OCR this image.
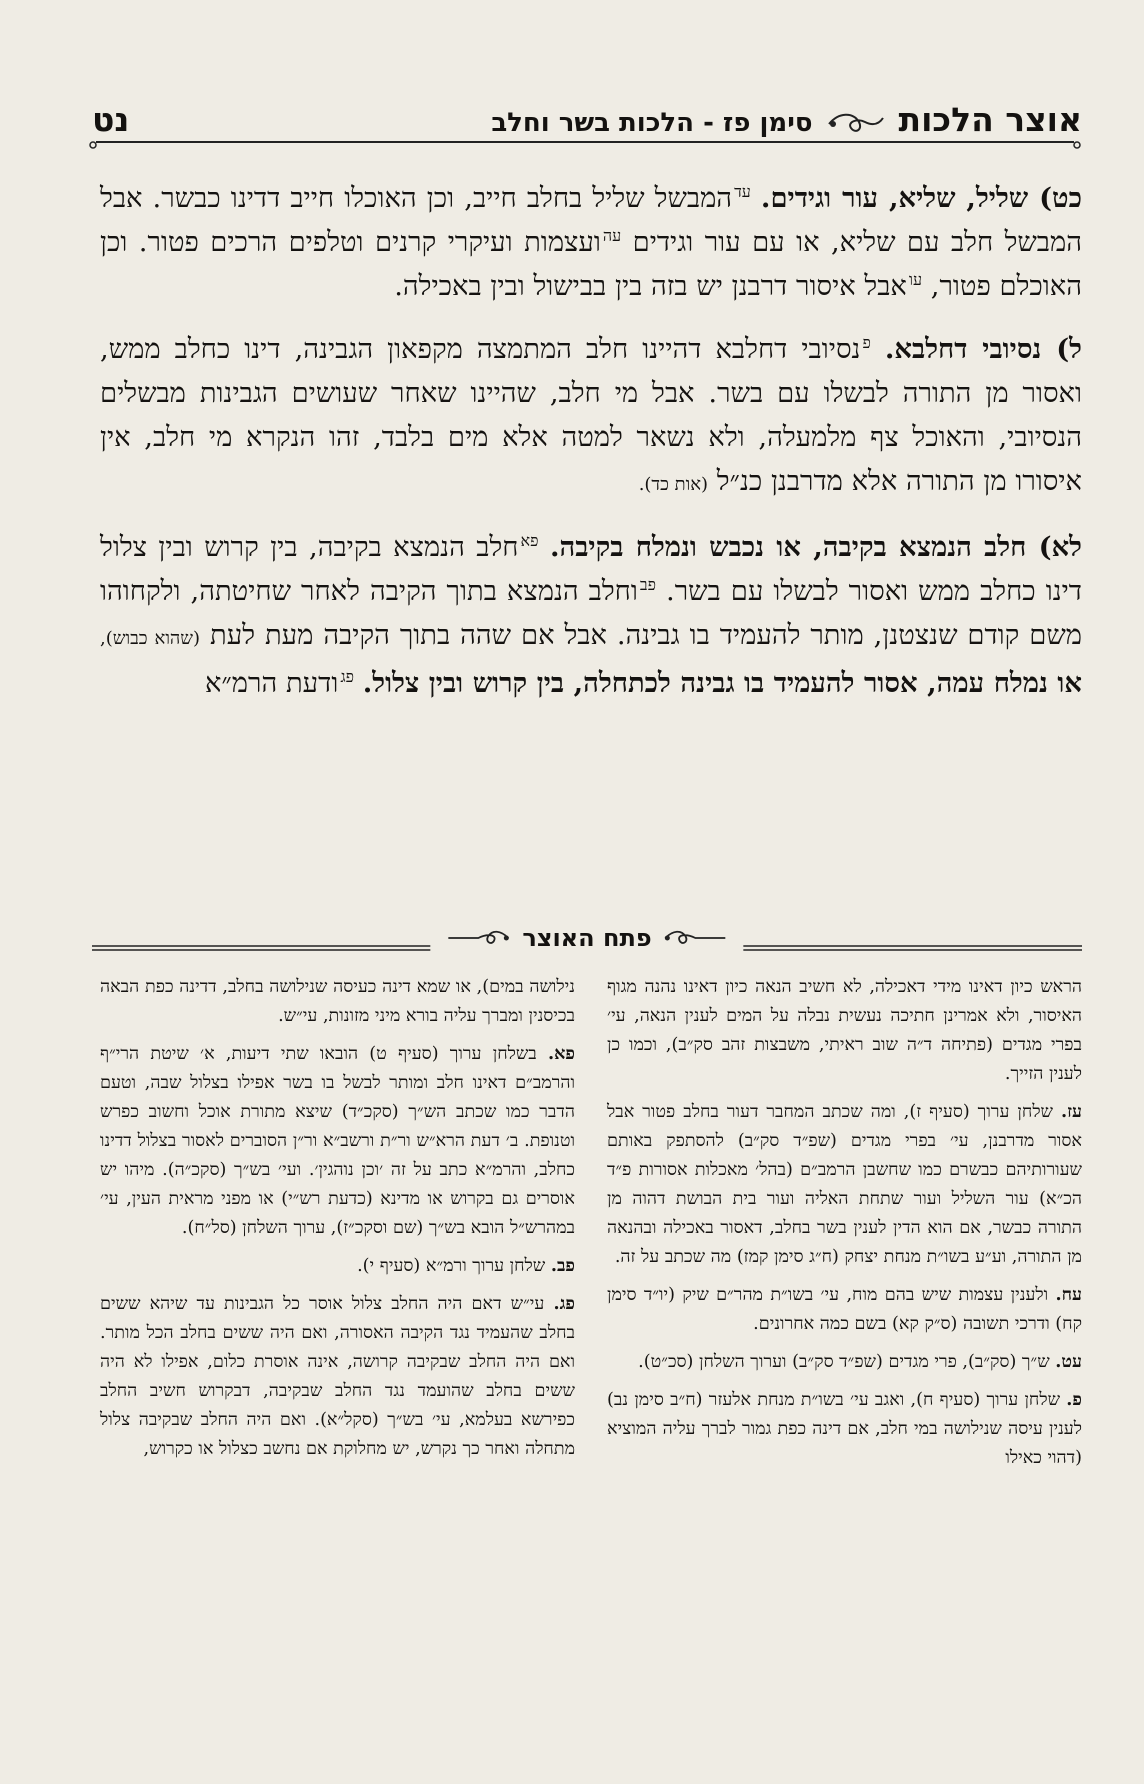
אוצר הלכות
סימן פז - הלכות בשר וחלב
נט

כט) שליל, שליא, עור וגידים. $^{עד}$המבשל שליל בחלב חייב, וכן האוכלו חייב דדינו כבשר. אבל המבשל חלב עם שליא, או עם עור וגידים $^{עה}$ועצמות ועיקרי קרנים וטלפים הרכים פטור. וכן האוכלם פטור, $^{עו}$אבל איסור דרבנן יש בזה בין בבישול ובין באכילה.

ל) נסיובי דחלבא. $^פ$נסיובי דחלבא דהיינו חלב המתמצה מקפאון הגבינה, דינו כחלב ממש, ואסור מן התורה לבשלו עם בשר. אבל מי חלב, שהיינו שאחר שעושים הגבינות מבשלים הנסיובי, והאוכל צף מלמעלה, ולא נשאר למטה אלא מים בלבד, זהו הנקרא מי חלב, אין איסורו מן התורה אלא מדרבנן כנ״ל (אות כד).

לא) חלב הנמצא בקיבה, או נכבש ונמלח בקיבה. $^{פא}$חלב הנמצא בקיבה, בין קרוש ובין צלול דינו כחלב ממש ואסור לבשלו עם בשר. $^{פב}$וחלב הנמצא בתוך הקיבה לאחר שחיטתה, ולקחוהו משם קודם שנצטנן, מותר להעמיד בו גבינה. אבל אם שהה בתוך הקיבה מעת לעת (שהוא כבוש), או נמלח עמה, אסור להעמיד בו גבינה לכתחלה, בין קרוש ובין צלול. $^{פג}$ודעת הרמ״א

פתח האוצר

הראש כיון דאינו מידי דאכילה, לא חשיב הנאה כיון דאינו נהנה מגוף האיסור, ולא אמרינן חתיכה נעשית נבלה על המים לענין הנאה, עי׳ בפרי מגדים (פתיחה ד״ה שוב ראיתי, משבצות זהב סק״ב), וכמו כן לענין הזייך.

עז. שלחן ערוך (סעיף ז), ומה שכתב המחבר דעור בחלב פטור אבל אסור מדרבנן, עי׳ בפרי מגדים (שפ״ד סק״ב) להסתפק באותם שעורותיהם כבשרם כמו שחשבן הרמב״ם (בהל׳ מאכלות אסורות פ״ד הכ״א) עור השליל ועור שתחת האליה ועור בית הבושת דהוה מן התורה כבשר, אם הוא הדין לענין בשר בחלב, דאסור באכילה ובהנאה מן התורה, וע״ע בשו״ת מנחת יצחק (ח״ג סימן קמז) מה שכתב על זה.

עח. ולענין עצמות שיש בהם מוח, עי׳ בשו״ת מהר״ם שיק (יו״ד סימן קח) ודרכי תשובה (ס״ק קא) בשם כמה אחרונים.

עט. ש״ך (סק״ב), פרי מגדים (שפ״ד סק״ב) וערוך השלחן (סכ״ט).

פ. שלחן ערוך (סעיף ח), ואגב עי׳ בשו״ת מנחת אלעזר (ח״ב סימן נב) לענין עיסה שנילושה במי חלב, אם דינה כפת גמור לברך עליה המוציא (דהוי כאילו

נילושה במים), או שמא דינה כעיסה שנילושה בחלב, דדינה כפת הבאה בכיסנין ומברך עליה בורא מיני מזונות, עי״ש.

פא. בשלחן ערוך (סעיף ט) הובאו שתי דיעות, א׳ שיטת הרי״ף והרמב״ם דאינו חלב ומותר לבשל בו בשר אפילו בצלול שבה, וטעם הדבר כמו שכתב הש״ך (סקכ״ד) שיצא מתורת אוכל וחשוב כפרש וטנופת. ב׳ דעת הרא״ש ור״ת ורשב״א ור״ן הסוברים לאסור בצלול דדינו כחלב, והרמ״א כתב על זה ׳וכן נוהגין׳. ועי׳ בש״ך (סקכ״ה). מיהו יש אוסרים גם בקרוש או מדינא (כדעת רש״י) או מפני מראית העין, עי׳ במהרש״ל הובא בש״ך (שם וסקכ״ז), ערוך השלחן (סל״ח).

פב. שלחן ערוך ורמ״א (סעיף י).

פג. עי״ש דאם היה החלב צלול אוסר כל הגבינות עד שיהא ששים בחלב שהעמיד נגד הקיבה האסורה, ואם היה ששים בחלב הכל מותר. ואם היה החלב שבקיבה קרושה, אינה אוסרת כלום, אפילו לא היה ששים בחלב שהועמד נגד החלב שבקיבה, דבקרוש חשיב החלב כפירשא בעלמא, עי׳ בש״ך (סקל״א). ואם היה החלב שבקיבה צלול מתחלה ואחר כך נקרש, יש מחלוקת אם נחשב כצלול או כקרוש,
